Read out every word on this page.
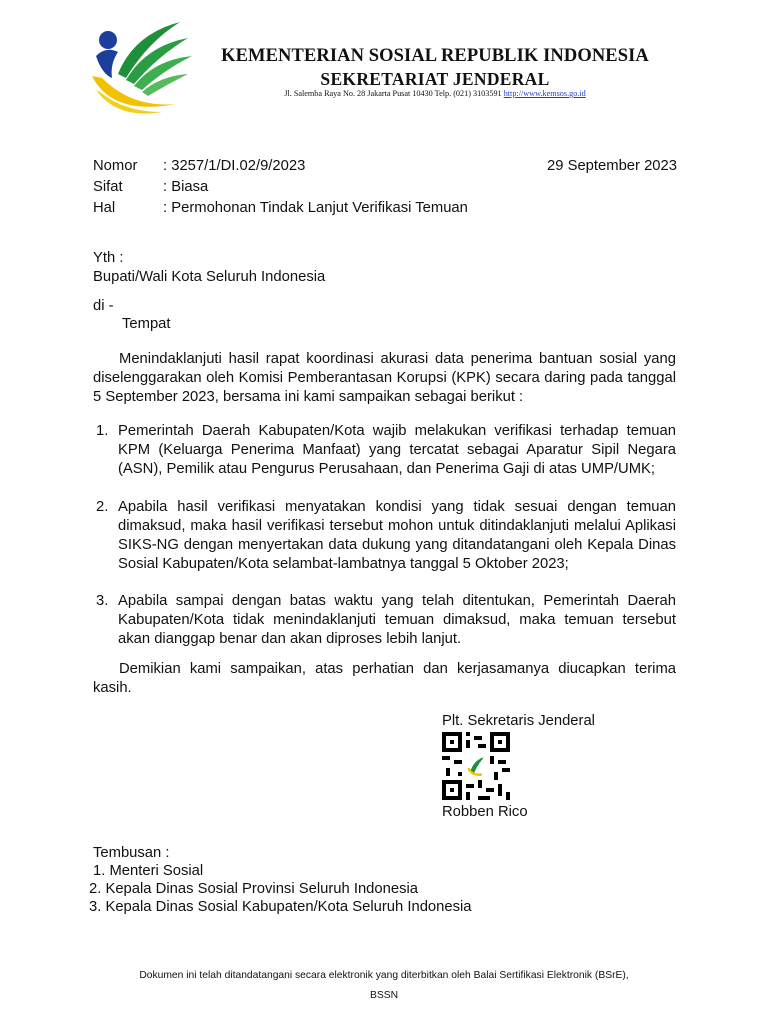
KEMENTERIAN SOSIAL REPUBLIK INDONESIA
SEKRETARIAT JENDERAL
Jl. Salemba Raya No. 28 Jakarta Pusat 10430 Telp. (021) 3103591 http://www.kemsos.go.id
Nomor : 3257/1/DI.02/9/2023	29 September 2023
Sifat	: Biasa
Hal	: Permohonan Tindak Lanjut Verifikasi Temuan
Yth :
Bupati/Wali Kota Seluruh Indonesia
di -
Tempat
Menindaklanjuti hasil rapat koordinasi akurasi data penerima bantuan sosial yang diselenggarakan oleh Komisi Pemberantasan Korupsi (KPK) secara daring pada tanggal 5 September 2023, bersama ini kami sampaikan sebagai berikut :
1. Pemerintah Daerah Kabupaten/Kota wajib melakukan verifikasi terhadap temuan KPM (Keluarga Penerima Manfaat) yang tercatat sebagai Aparatur Sipil Negara (ASN), Pemilik atau Pengurus Perusahaan, dan Penerima Gaji di atas UMP/UMK;
2. Apabila hasil verifikasi menyatakan kondisi yang tidak sesuai dengan temuan dimaksud, maka hasil verifikasi tersebut mohon untuk ditindaklanjuti melalui Aplikasi SIKS-NG dengan menyertakan data dukung yang ditandatangani oleh Kepala Dinas Sosial Kabupaten/Kota selambat-lambatnya tanggal 5 Oktober 2023;
3. Apabila sampai dengan batas waktu yang telah ditentukan, Pemerintah Daerah Kabupaten/Kota tidak menindaklanjuti temuan dimaksud, maka temuan tersebut akan dianggap benar dan akan diproses lebih lanjut.
Demikian kami sampaikan, atas perhatian dan kerjasamanya diucapkan terima kasih.
Plt. Sekretaris Jenderal
Robben Rico
Tembusan :
1. Menteri Sosial
2. Kepala Dinas Sosial Provinsi Seluruh Indonesia
3. Kepala Dinas Sosial Kabupaten/Kota Seluruh Indonesia
Dokumen ini telah ditandatangani secara elektronik yang diterbitkan oleh Balai Sertifikasi Elektronik (BSrE),
BSSN
